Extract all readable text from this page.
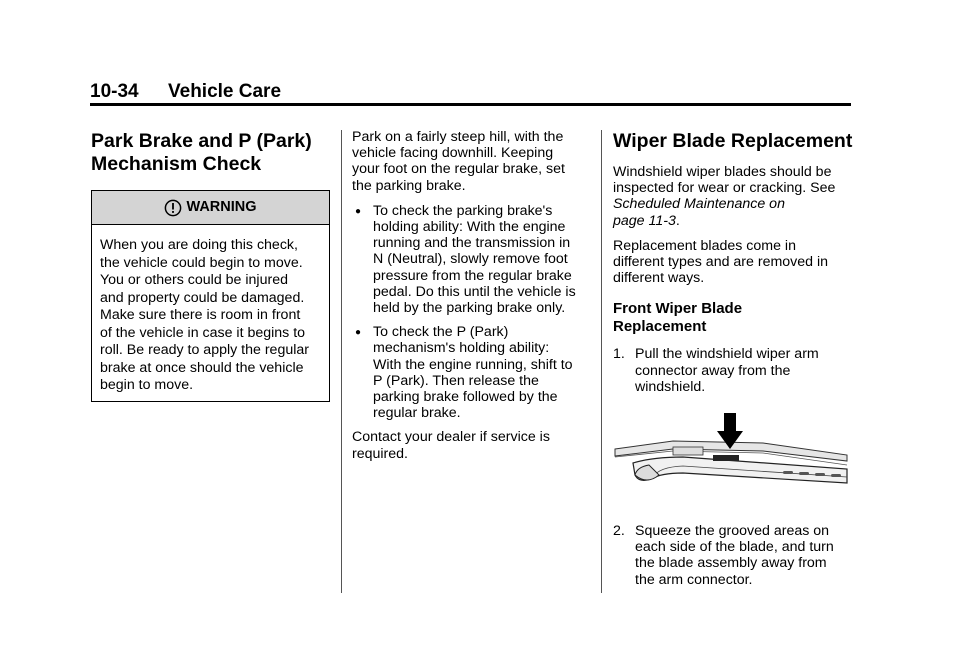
10-34 Vehicle Care
Park Brake and P (Park)
Mechanism Check
WARNING
When you are doing this check,
the vehicle could begin to move.
You or others could be injured
and property could be damaged.
Make sure there is room in front
of the vehicle in case it begins to
roll. Be ready to apply the regular
brake at once should the vehicle
begin to move.

Park on a fairly steep hill, with the
vehicle facing downhill. Keeping
your foot on the regular brake, set
the parking brake.

● To check the parking brake's
holding ability: With the engine
running and the transmission in
N (Neutral), slowly remove foot
pressure from the regular brake
pedal. Do this until the vehicle is
held by the parking brake only.
● To check the P (Park)
mechanism's holding ability:
With the engine running, shift to
P (Park). Then release the
parking brake followed by the
regular brake.

Contact your dealer if service is
required.

Wiper Blade Replacement

Windshield wiper blades should be
inspected for wear or cracking. See
Scheduled Maintenance on
page 11-3.

Replacement blades come in
different types and are removed in
different ways.

Front Wiper Blade
Replacement
1. Pull the windshield wiper arm
connector away from the
windshield.
2. Squeeze the grooved areas on
each side of the blade, and turn
the blade assembly away from
the arm connector.
